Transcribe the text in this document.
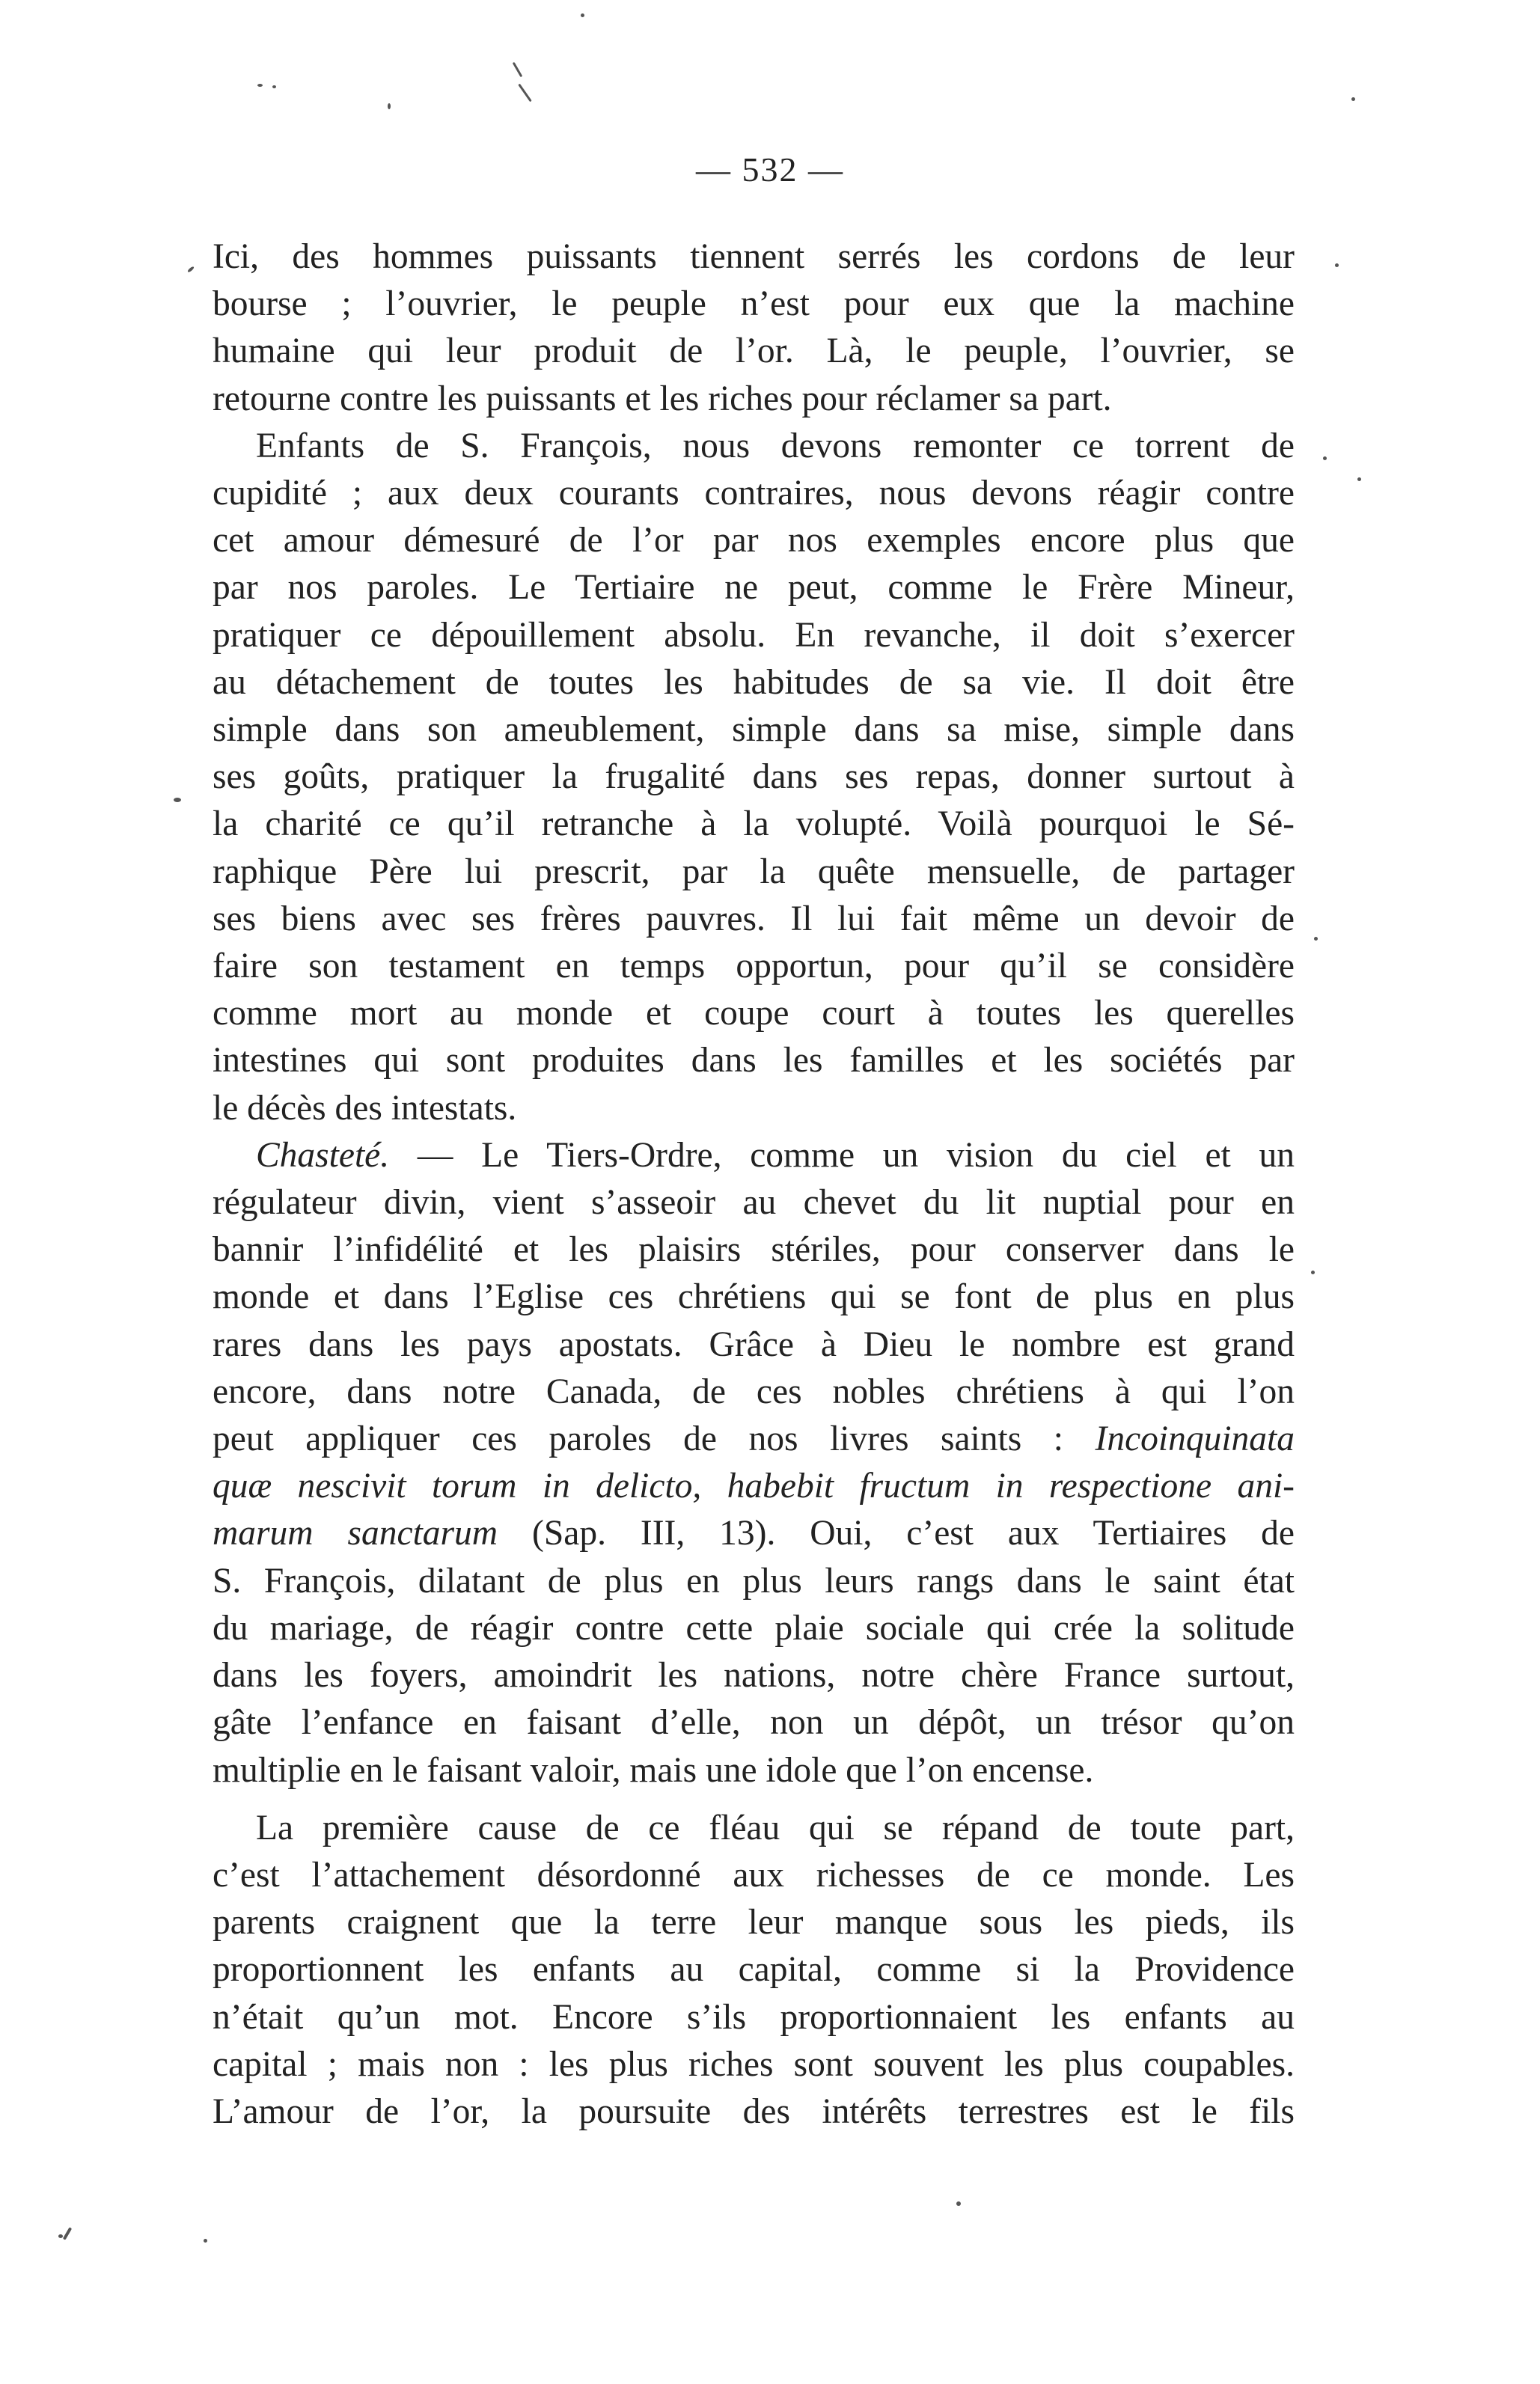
— 532 —

Ici, des hommes puissants tiennent serrés les cordons de leur
bourse ; l’ouvrier, le peuple n’est pour eux que la machine
humaine qui leur produit de l’or. Là, le peuple, l’ouvrier, se
retourne contre les puissants et les riches pour réclamer sa part.

Enfants de S. François, nous devons remonter ce torrent de
cupidité ; aux deux courants contraires, nous devons réagir contre
cet amour démesuré de l’or par nos exemples encore plus que
par nos paroles. Le Tertiaire ne peut, comme le Frère Mineur,
pratiquer ce dépouillement absolu. En revanche, il doit s’exercer
au détachement de toutes les habitudes de sa vie. Il doit être
simple dans son ameublement, simple dans sa mise, simple dans
ses goûts, pratiquer la frugalité dans ses repas, donner surtout à
la charité ce qu’il retranche à la volupté. Voilà pourquoi le Sé-
raphique Père lui prescrit, par la quête mensuelle, de partager
ses biens avec ses frères pauvres. Il lui fait même un devoir de
faire son testament en temps opportun, pour qu’il se considère
comme mort au monde et coupe court à toutes les querelles
intestines qui sont produites dans les familles et les sociétés par
le décès des intestats.

Chasteté. — Le Tiers-Ordre, comme un vision du ciel et un
régulateur divin, vient s’asseoir au chevet du lit nuptial pour en
bannir l’infidélité et les plaisirs stériles, pour conserver dans le
monde et dans l’Eglise ces chrétiens qui se font de plus en plus
rares dans les pays apostats. Grâce à Dieu le nombre est grand
encore, dans notre Canada, de ces nobles chrétiens à qui l’on
peut appliquer ces paroles de nos livres saints : Incoinquinata
quæ nescivit torum in delicto, habebit fructum in respectione ani-
marum sanctarum (Sap. III, 13). Oui, c’est aux Tertiaires de
S. François, dilatant de plus en plus leurs rangs dans le saint état
du mariage, de réagir contre cette plaie sociale qui crée la solitude
dans les foyers, amoindrit les nations, notre chère France surtout,
gâte l’enfance en faisant d’elle, non un dépôt, un trésor qu’on
multiplie en le faisant valoir, mais une idole que l’on encense.

La première cause de ce fléau qui se répand de toute part,
c’est l’attachement désordonné aux richesses de ce monde. Les
parents craignent que la terre leur manque sous les pieds, ils
proportionnent les enfants au capital, comme si la Providence
n’était qu’un mot. Encore s’ils proportionnaient les enfants au
capital ; mais non : les plus riches sont souvent les plus coupables.
L’amour de l’or, la poursuite des intérêts terrestres est le fils
